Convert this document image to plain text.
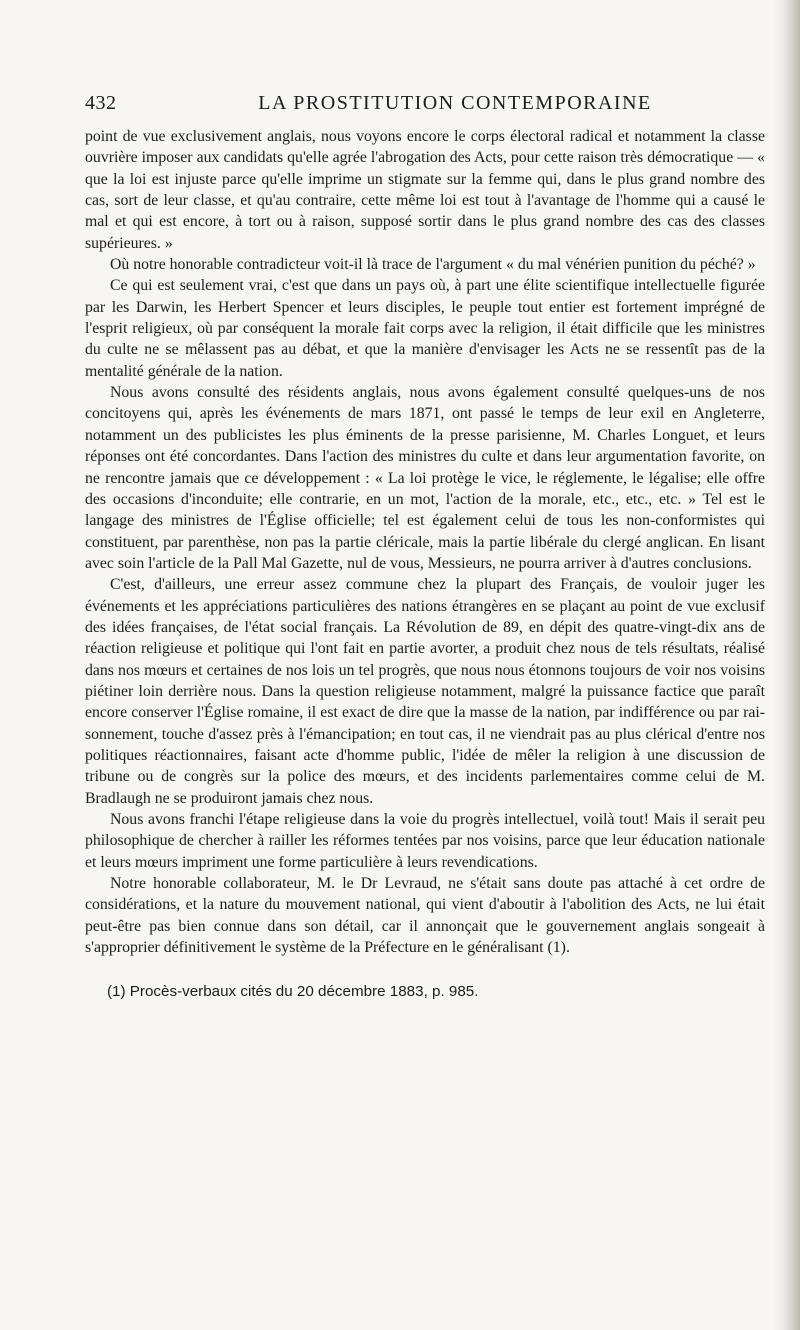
432	LA PROSTITUTION CONTEMPORAINE

point de vue exclusivement anglais, nous voyons encore le corps électoral radical et notamment la classe ouvrière imposer aux candidats qu'elle agrée l'abrogation des Acts, pour cette raison très démocratique — « que la loi est injuste parce qu'elle imprime un stigmate sur la femme qui, dans le plus grand nombre des cas, sort de leur classe, et qu'au contraire, cette même loi est tout à l'avantage de l'homme qui a causé le mal et qui est encore, à tort ou à raison, supposé sortir dans le plus grand nombre des cas des classes supérieures. »

Où notre honorable contradicteur voit-il là trace de l'argument « du mal vénérien punition du péché? »

Ce qui est seulement vrai, c'est que dans un pays où, à part une élite scientifique intellectuelle figurée par les Darwin, les Herbert Spencer et leurs disciples, le peuple tout entier est fortement imprégné de l'esprit religieux, où par conséquent la morale fait corps avec la religion, il était difficile que les ministres du culte ne se mêlassent pas au débat, et que la manière d'envisager les Acts ne se ressentît pas de la mentalité générale de la nation.

Nous avons consulté des résidents anglais, nous avons également consulté quelques-uns de nos concitoyens qui, après les événements de mars 1871, ont passé le temps de leur exil en Angleterre, notamment un des publicistes les plus éminents de la presse parisienne, M. Charles Longuet, et leurs réponses ont été concordantes. Dans l'action des ministres du culte et dans leur argumentation favorite, on ne rencontre jamais que ce développement : « La loi protège le vice, le réglemente, le légalise; elle offre des occasions d'inconduite; elle contrarie, en un mot, l'action de la morale, etc., etc., etc. » Tel est le langage des ministres de l'Église officielle; tel est également celui de tous les non-conformistes qui constituent, par parenthèse, non pas la partie cléricale, mais la partie libérale du clergé anglican. En lisant avec soin l'article de la Pall Mal Gazette, nul de vous, Messieurs, ne pourra arriver à d'autres conclusions.

C'est, d'ailleurs, une erreur assez commune chez la plupart des Français, de vouloir juger les événements et les appréciations particulières des nations étrangères en se plaçant au point de vue exclusif des idées françaises, de l'état social français. La Révolution de 89, en dépit des quatre-vingt-dix ans de réaction religieuse et politique qui l'ont fait en partie avorter, a produit chez nous de tels résultats, réalisé dans nos mœurs et certaines de nos lois un tel progrès, que nous nous étonnons toujours de voir nos voisins piétiner loin derrière nous. Dans la question religieuse notamment, malgré la puissance factice que paraît encore conserver l'Église romaine, il est exact de dire que la masse de la nation, par indifférence ou par raisonnement, touche d'assez près à l'émancipation; en tout cas, il ne viendrait pas au plus clérical d'entre nos politiques réactionnaires, faisant acte d'homme public, l'idée de mêler la religion à une discussion de tribune ou de congrès sur la police des mœurs, et des incidents parlementaires comme celui de M. Bradlaugh ne se produiront jamais chez nous.

Nous avons franchi l'étape religieuse dans la voie du progrès intellectuel, voilà tout! Mais il serait peu philosophique de chercher à railler les réformes tentées par nos voisins, parce que leur éducation nationale et leurs mœurs impriment une forme particulière à leurs revendications.

Notre honorable collaborateur, M. le Dr Levraud, ne s'était sans doute pas attaché à cet ordre de considérations, et la nature du mouvement national, qui vient d'aboutir à l'abolition des Acts, ne lui était peut-être pas bien connue dans son détail, car il annonçait que le gouvernement anglais songeait à s'approprier définitivement le système de la Préfecture en le généralisant (1).

(1) Procès-verbaux cités du 20 décembre 1883, p. 985.
